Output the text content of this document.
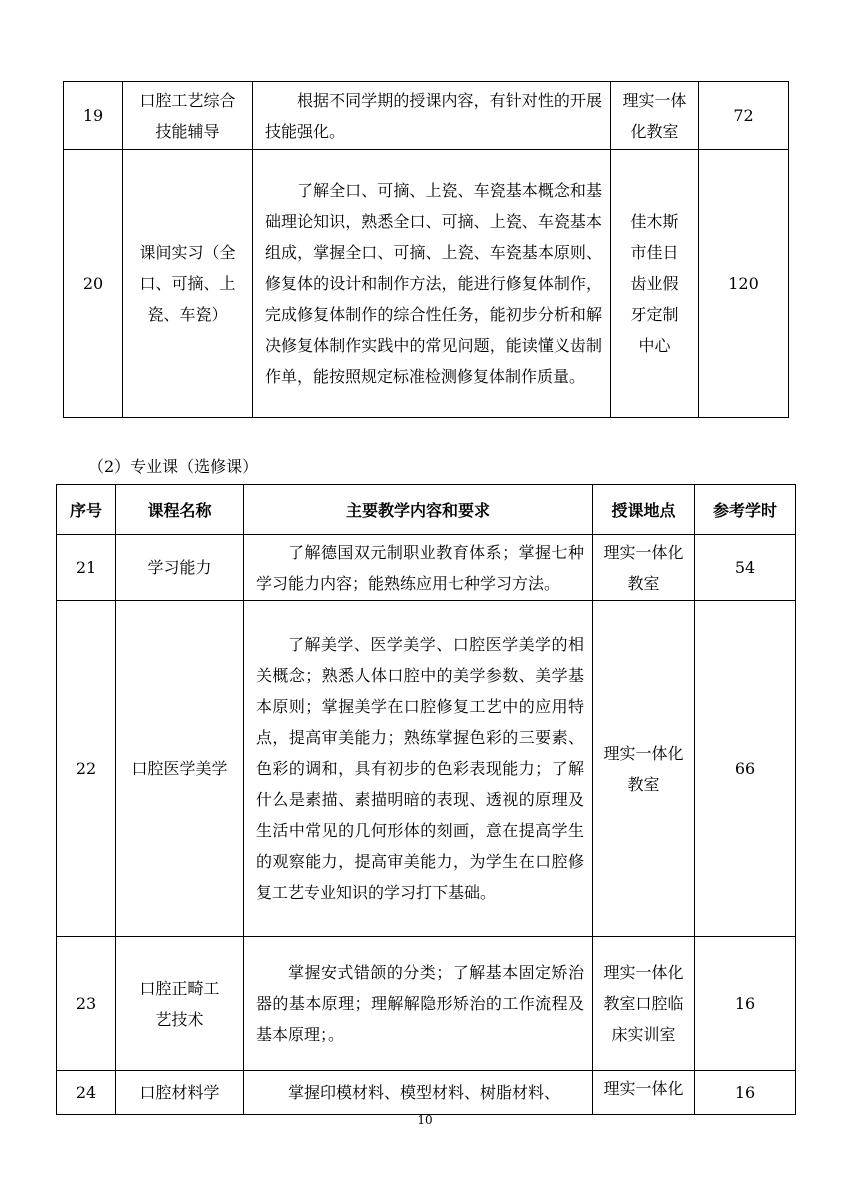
19	口腔工艺综合技能辅导	根据不同学期的授课内容，有针对性的开展技能强化。	理实一体化教室	72
20	课间实习（全口、可摘、上瓷、车瓷）	了解全口、可摘、上瓷、车瓷基本概念和基础理论知识，熟悉全口、可摘、上瓷、车瓷基本组成，掌握全口、可摘、上瓷、车瓷基本原则、修复体的设计和制作方法，能进行修复体制作，完成修复体制作的综合性任务，能初步分析和解决修复体制作实践中的常见问题，能读懂义齿制作单，能按照规定标准检测修复体制作质量。	佳木斯市佳日齿业假牙定制中心	120
（2）专业课（选修课）
序号	课程名称	主要教学内容和要求	授课地点	参考学时
21	学习能力	了解德国双元制职业教育体系；掌握七种学习能力内容；能熟练应用七种学习方法。	理实一体化教室	54
22	口腔医学美学	了解美学、医学美学、口腔医学美学的相关概念；熟悉人体口腔中的美学参数、美学基本原则；掌握美学在口腔修复工艺中的应用特点，提高审美能力；熟练掌握色彩的三要素、色彩的调和，具有初步的色彩表现能力；了解什么是素描、素描明暗的表现、透视的原理及生活中常见的几何形体的刻画，意在提高学生的观察能力，提高审美能力，为学生在口腔修复工艺专业知识的学习打下基础。	理实一体化教室	66
23	口腔正畸工艺技术	掌握安式错颌的分类；了解基本固定矫治器的基本原理；理解解隐形矫治的工作流程及基本原理；。	理实一体化教室口腔临床实训室	16
24	口腔材料学	掌握印模材料、模型材料、树脂材料、	理实一体化	16
10
